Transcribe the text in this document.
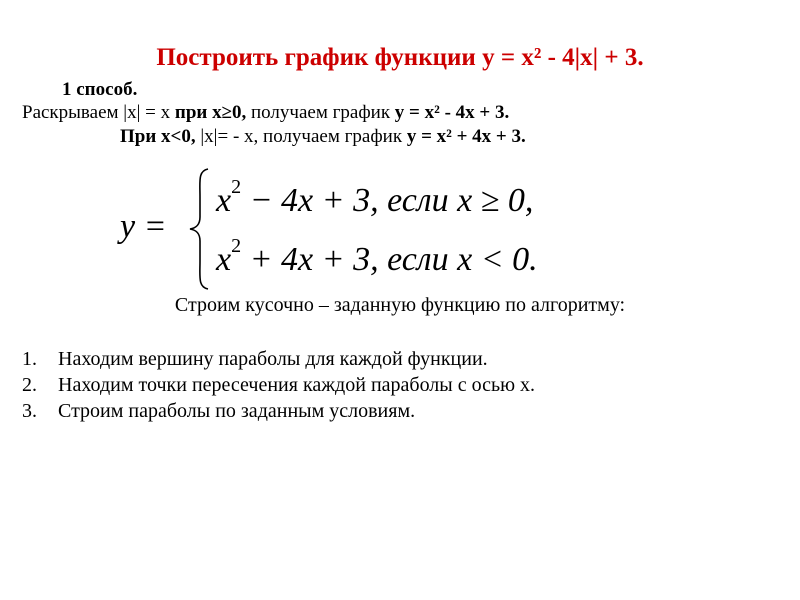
Построить график функции у = х² - 4|х| + 3.
1 способ.
Раскрываем |х| = х при х≥0, получаем график у = х² - 4х + 3.
При х<0, |х|= - х, получаем график у = х² + 4х + 3.
y =
$x^2 - 4x + 3$, если x ≥ 0,
$x^2 + 4x + 3$, если x < 0.
Строим кусочно – заданную функцию по алгоритму:
1. Находим вершину параболы для каждой функции.
2. Находим точки пересечения каждой параболы с осью х.
3. Строим параболы по заданным условиям.
